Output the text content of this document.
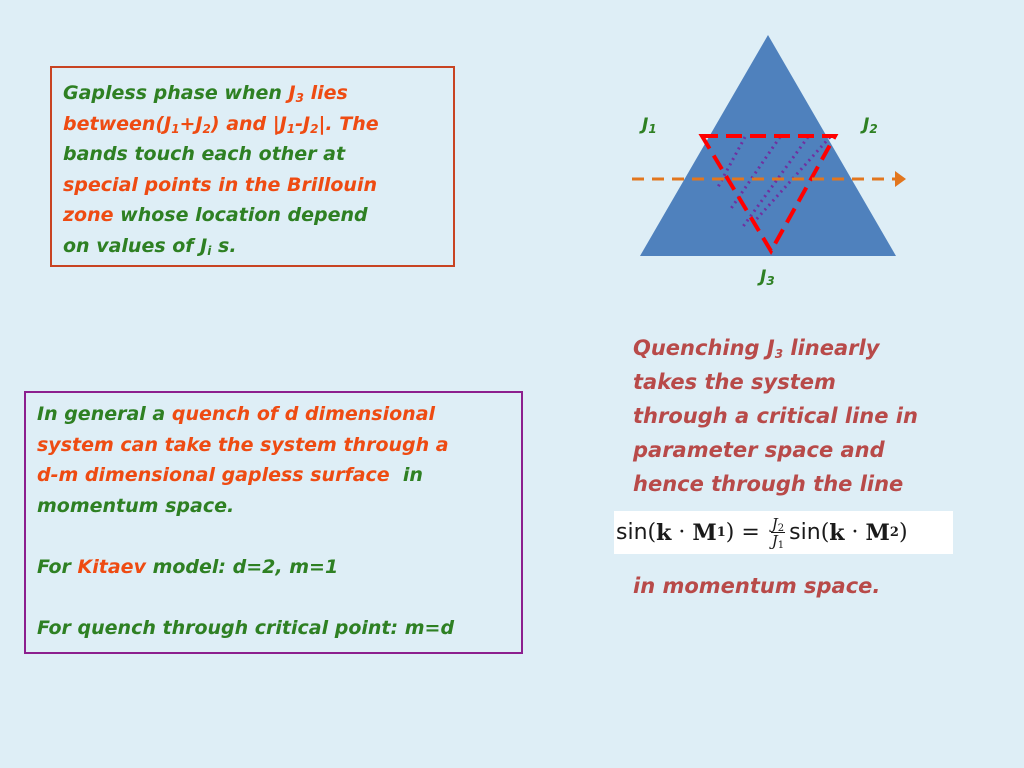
Gapless phase when $J_3$ lies
$between(J_1+J_2)$ and $|J_1-J_2|$. The
bands touch each other at
special points in the Brillouin
zone whose location depend
on values of $J_i$ s.
In general a quench of d dimensional
system can take the system through a
d-m dimensional gapless surface  in
momentum space.
For Kitaev model: d=2, m=1
For quench through critical point: m=d
$J_1$	$J_2$
$J_3$
Quenching $J_3$ linearly
takes the system
through a critical line in
parameter space and
hence through the line
sin ( k · M 1 ) = $\frac{J_2}{J_1}$ sin ( k · M 2 )
in momentum space.
